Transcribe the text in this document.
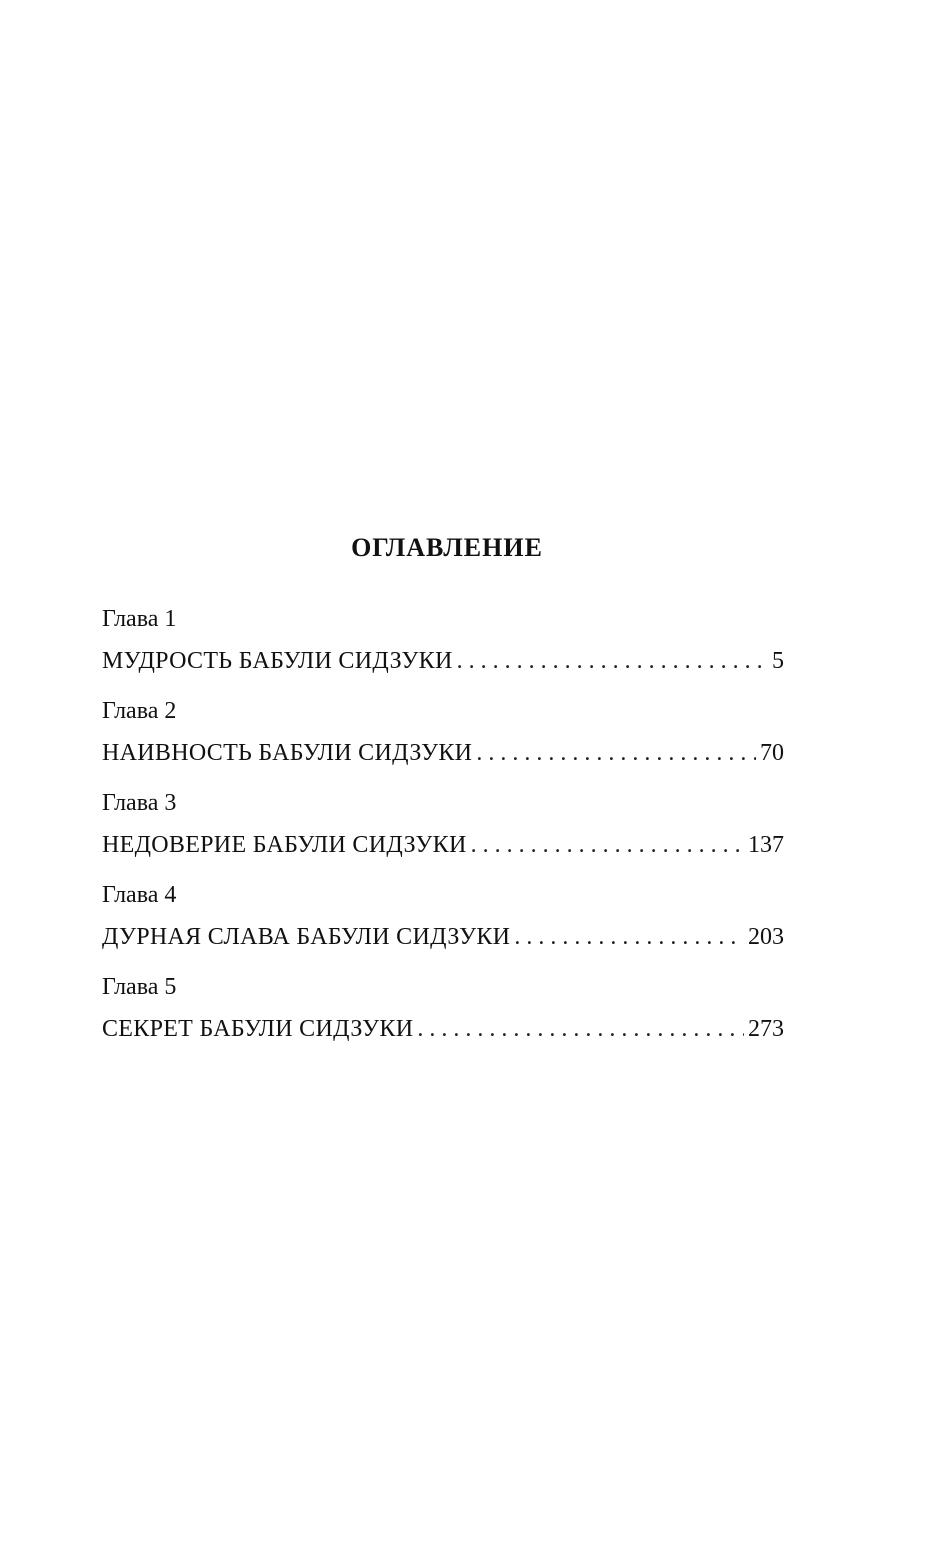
ОГЛАВЛЕНИЕ
Глава 1
МУДРОСТЬ БАБУЛИ СИДЗУКИ . . .	5
Глава 2
НАИВНОСТЬ БАБУЛИ СИДЗУКИ . . .	70
Глава 3
НЕДОВЕРИЕ БАБУЛИ СИДЗУКИ . . .	137
Глава 4
ДУРНАЯ СЛАВА БАБУЛИ СИДЗУКИ . . .	203
Глава 5
СЕКРЕТ БАБУЛИ СИДЗУКИ . . .	273
